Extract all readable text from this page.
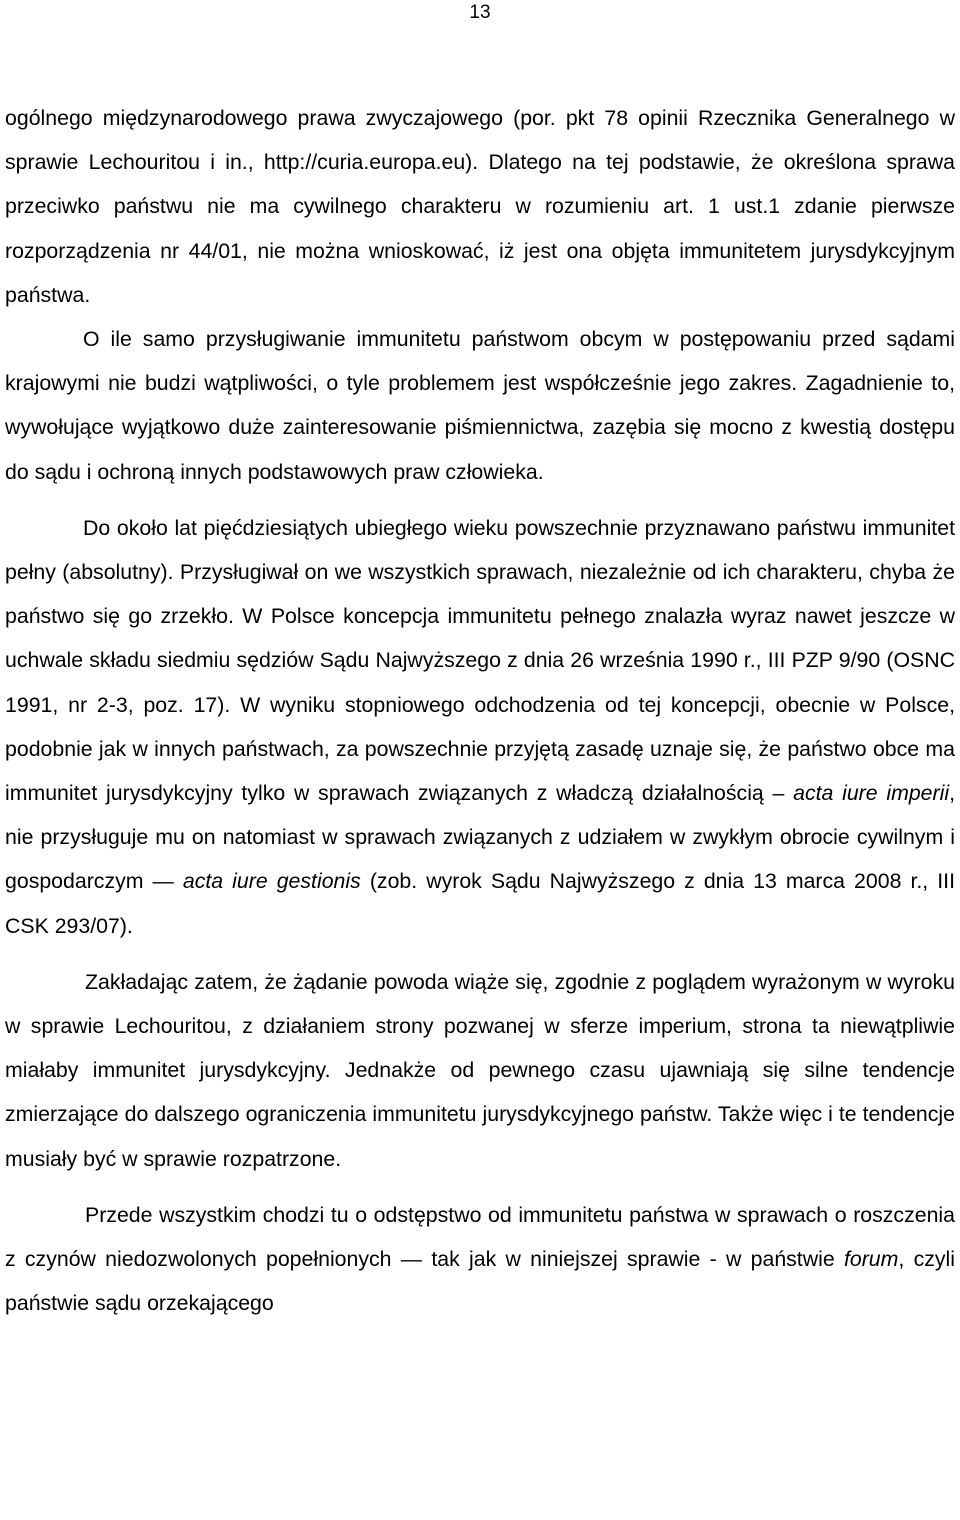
13

ogólnego międzynarodowego prawa zwyczajowego (por. pkt 78 opinii Rzecznika Generalnego w sprawie Lechouritou i in., http://curia.europa.eu). Dlatego na tej podstawie, że określona sprawa przeciwko państwu nie ma cywilnego charakteru w rozumieniu art. 1 ust.1 zdanie pierwsze rozporządzenia nr 44/01, nie można wnioskować, iż jest ona objęta immunitetem jurysdykcyjnym państwa.

O ile samo przysługiwanie immunitetu państwom obcym w postępowaniu przed sądami krajowymi nie budzi wątpliwości, o tyle problemem jest współcześnie jego zakres. Zagadnienie to, wywołujące wyjątkowo duże zainteresowanie piśmiennictwa, zazębia się mocno z kwestią dostępu do sądu i ochroną innych podstawowych praw człowieka.

Do około lat pięćdziesiątych ubiegłego wieku powszechnie przyznawano państwu immunitet pełny (absolutny). Przysługiwał on we wszystkich sprawach, niezależnie od ich charakteru, chyba że państwo się go zrzekło. W Polsce koncepcja immunitetu pełnego znalazła wyraz nawet jeszcze w uchwale składu siedmiu sędziów Sądu Najwyższego z dnia 26 września 1990 r., III PZP 9/90 (OSNC 1991, nr 2-3, poz. 17). W wyniku stopniowego odchodzenia od tej koncepcji, obecnie w Polsce, podobnie jak w innych państwach, za powszechnie przyjętą zasadę uznaje się, że państwo obce ma immunitet jurysdykcyjny tylko w sprawach związanych z władczą działalnością – acta iure imperii, nie przysługuje mu on natomiast w sprawach związanych z udziałem w zwykłym obrocie cywilnym i gospodarczym — acta iure gestionis (zob. wyrok Sądu Najwyższego z dnia 13 marca 2008 r., III CSK 293/07).

Zakładając zatem, że żądanie powoda wiąże się, zgodnie z poglądem wyrażonym w wyroku w sprawie Lechouritou, z działaniem strony pozwanej w sferze imperium, strona ta niewątpliwie miałaby immunitet jurysdykcyjny. Jednakże od pewnego czasu ujawniają się silne tendencje zmierzające do dalszego ograniczenia immunitetu jurysdykcyjnego państw. Także więc i te tendencje musiały być w sprawie rozpatrzone.

Przede wszystkim chodzi tu o odstępstwo od immunitetu państwa w sprawach o roszczenia z czynów niedozwolonych popełnionych — tak jak w niniejszej sprawie - w państwie forum, czyli państwie sądu orzekającego
